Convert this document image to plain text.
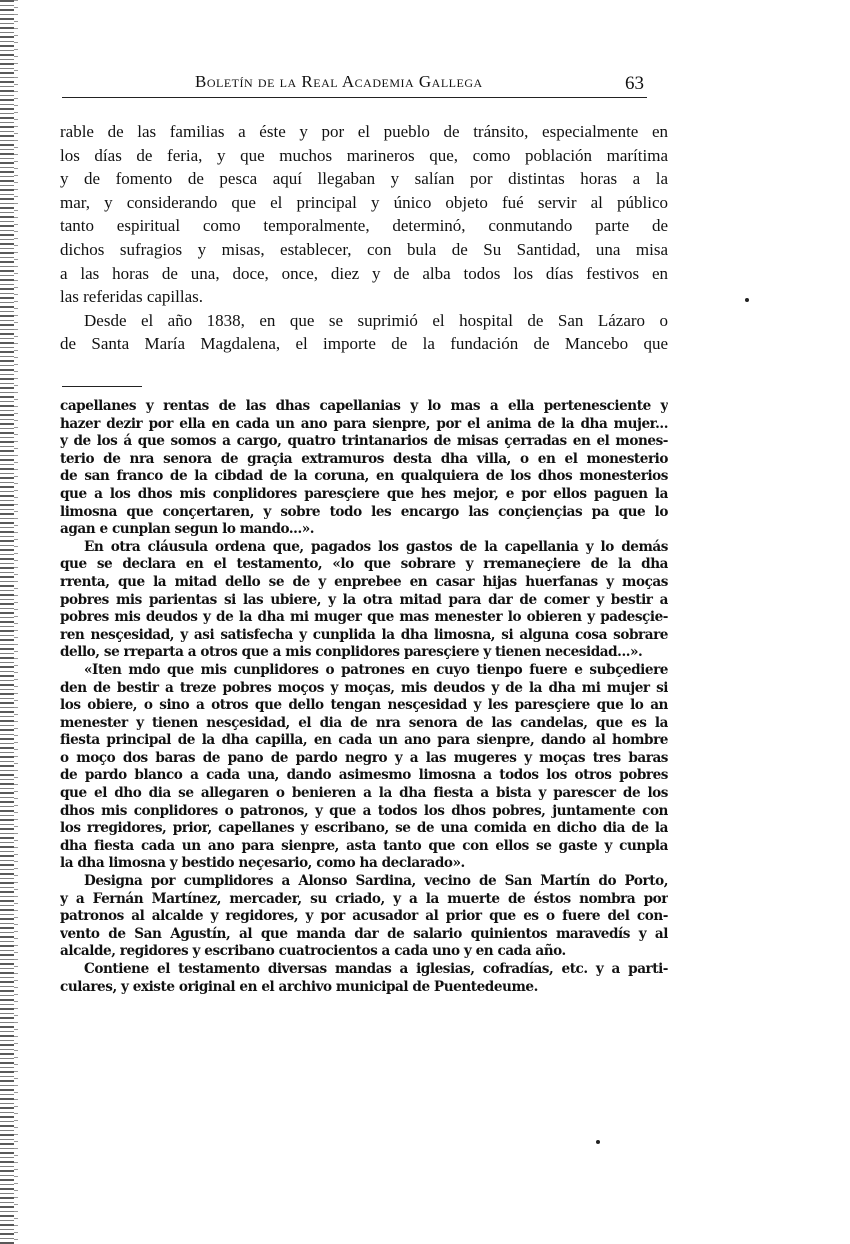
Boletín de la Real Academia Gallega	63
rable de las familias a éste y por el pueblo de tránsito, especialmente en
los días de feria, y que muchos marineros que, como población marítima
y de fomento de pesca aquí llegaban y salían por distintas horas a la
mar, y considerando que el principal y único objeto fué servir al público
tanto espiritual como temporalmente, determinó, conmutando parte de
dichos sufragios y misas, establecer, con bula de Su Santidad, una misa
a las horas de una, doce, once, diez y de alba todos los días festivos en
las referidas capillas.
Desde el año 1838, en que se suprimió el hospital de San Lázaro o
de Santa María Magdalena, el importe de la fundación de Mancebo que
capellanes y rentas de las dhas capellanias y lo mas a ella pertenesciente y
hazer dezir por ella en cada un ano para sienpre, por el anima de la dha mujer...
y de los á que somos a cargo, quatro trintanarios de misas çerradas en el mones-
terio de nra senora de graçia extramuros desta dha villa, o en el monesterio
de san franco de la cibdad de la coruna, en qualquiera de los dhos monesterios
que a los dhos mis conplidores paresçiere que hes mejor, e por ellos paguen la
limosna que conçertaren, y sobre todo les encargo las conçiençias pa que lo
agan e cunplan segun lo mando...».
En otra cláusula ordena que, pagados los gastos de la capellania y lo demás
que se declara en el testamento, «lo que sobrare y rremaneçiere de la dha
rrenta, que la mitad dello se de y enprebee en casar hijas huerfanas y moças
pobres mis parientas si las ubiere, y la otra mitad para dar de comer y bestir a
pobres mis deudos y de la dha mi muger que mas menester lo obieren y padesçie-
ren nesçesidad, y asi satisfecha y cunplida la dha limosna, si alguna cosa sobrare
dello, se rreparta a otros que a mis conplidores paresçiere y tienen necesidad...».
«Iten mdo que mis cunplidores o patrones en cuyo tienpo fuere e subçediere
den de bestir a treze pobres moços y moças, mis deudos y de la dha mi mujer si
los obiere, o sino a otros que dello tengan nesçesidad y les paresçiere que lo an
menester y tienen nesçesidad, el dia de nra senora de las candelas, que es la
fiesta principal de la dha capilla, en cada un ano para sienpre, dando al hombre
o moço dos baras de pano de pardo negro y a las mugeres y moças tres baras
de pardo blanco a cada una, dando asimesmo limosna a todos los otros pobres
que el dho dia se allegaren o benieren a la dha fiesta a bista y parescer de los
dhos mis conplidores o patronos, y que a todos los dhos pobres, juntamente con
los rregidores, prior, capellanes y escribano, se de una comida en dicho dia de la
dha fiesta cada un ano para sienpre, asta tanto que con ellos se gaste y cunpla
la dha limosna y bestido neçesario, como ha declarado».
Designa por cumplidores a Alonso Sardina, vecino de San Martín do Porto,
y a Fernán Martínez, mercader, su criado, y a la muerte de éstos nombra por
patronos al alcalde y regidores, y por acusador al prior que es o fuere del con-
vento de San Agustín, al que manda dar de salario quinientos maravedís y al
alcalde, regidores y escribano cuatrocientos a cada uno y en cada año.
Contiene el testamento diversas mandas a iglesias, cofradías, etc. y a parti-
culares, y existe original en el archivo municipal de Puentedeume.
